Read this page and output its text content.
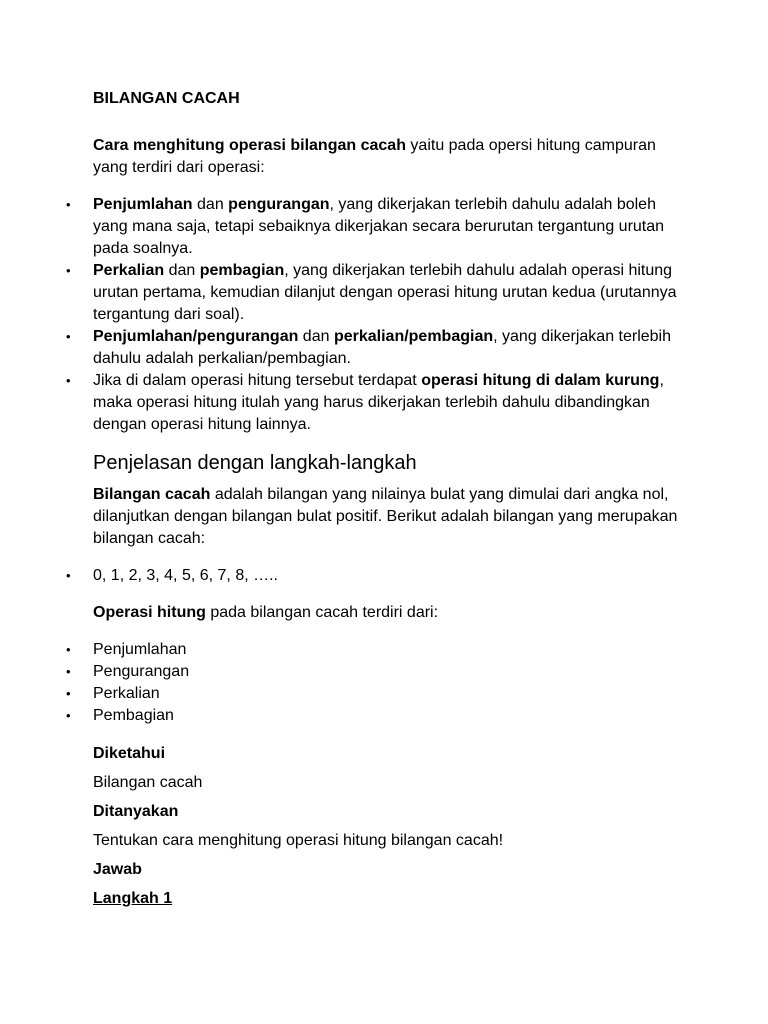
BILANGAN CACAH

Cara menghitung operasi bilangan cacah yaitu pada opersi hitung campuran yang terdiri dari operasi:

• Penjumlahan dan pengurangan, yang dikerjakan terlebih dahulu adalah boleh yang mana saja, tetapi sebaiknya dikerjakan secara berurutan tergantung urutan pada soalnya.
• Perkalian dan pembagian, yang dikerjakan terlebih dahulu adalah operasi hitung urutan pertama, kemudian dilanjut dengan operasi hitung urutan kedua (urutannya tergantung dari soal).
• Penjumlahan/pengurangan dan perkalian/pembagian, yang dikerjakan terlebih dahulu adalah perkalian/pembagian.
• Jika di dalam operasi hitung tersebut terdapat operasi hitung di dalam kurung, maka operasi hitung itulah yang harus dikerjakan terlebih dahulu dibandingkan dengan operasi hitung lainnya.
Penjelasan dengan langkah-langkah

Bilangan cacah adalah bilangan yang nilainya bulat yang dimulai dari angka nol, dilanjutkan dengan bilangan bulat positif. Berikut adalah bilangan yang merupakan bilangan cacah:

• 0, 1, 2, 3, 4, 5, 6, 7, 8, …..

Operasi hitung pada bilangan cacah terdiri dari:

• Penjumlahan
• Pengurangan
• Perkalian
• Pembagian

Diketahui

Bilangan cacah

Ditanyakan

Tentukan cara menghitung operasi hitung bilangan cacah!

Jawab

Langkah 1
